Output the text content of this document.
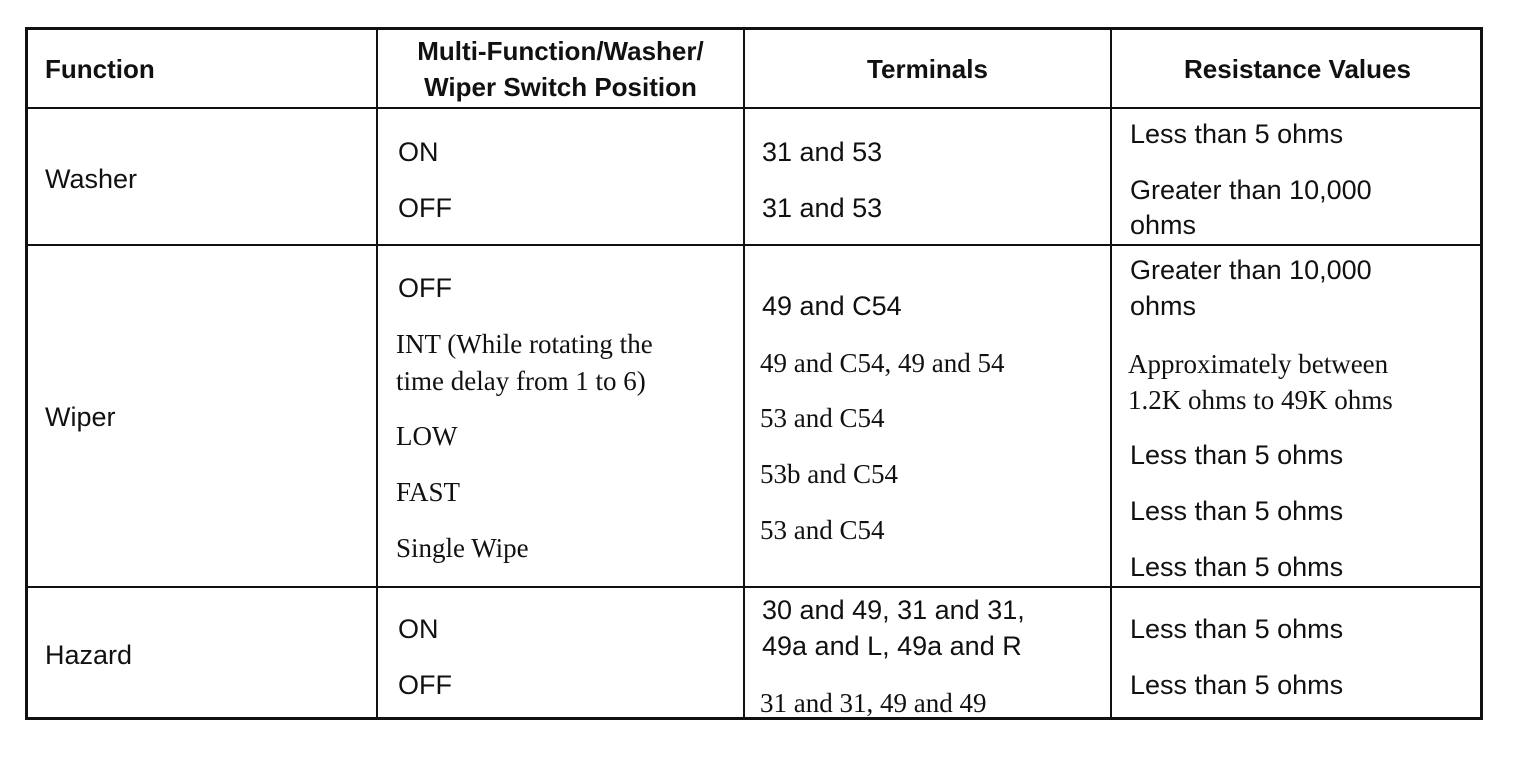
Function
Multi-Function/Washer/
Wiper Switch Position
Terminals	Resistance Values
Washer
ON
OFF
31 and 53
31 and 53
Less than 5 ohms
Greater than 10,000
ohms
Wiper
OFF
INT (While rotating the
time delay from 1 to 6)
LOW
FAST
Single Wipe
49 and C54
49 and C54, 49 and 54
53 and C54
53b and C54
53 and C54
Greater than 10,000
ohms
Approximately between
1.2K ohms to 49K ohms
Less than 5 ohms
Less than 5 ohms
Less than 5 ohms
Hazard
ON
OFF
30 and 49, 31 and 31,
49a and L, 49a and R
31 and 31, 49 and 49
Less than 5 ohms
Less than 5 ohms
